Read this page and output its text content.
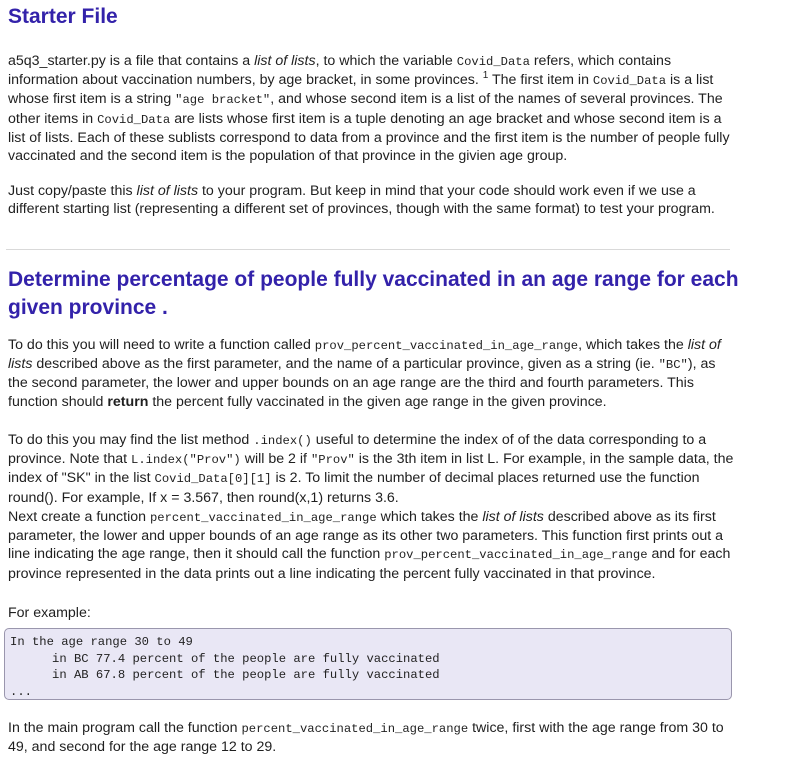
Starter File

a5q3_starter.py is a file that contains a list of lists, to which the variable Covid_Data refers, which contains information about vaccination numbers, by age bracket, in some provinces. $^1$ The first item in Covid_Data is a list whose first item is a string "age bracket", and whose second item is a list of the names of several provinces. The other items in Covid_Data are lists whose first item is a tuple denoting an age bracket and whose second item is a list of lists. Each of these sublists correspond to data from a province and the first item is the number of people fully vaccinated and the second item is the population of that province in the givien age group.

Just copy/paste this list of lists to your program. But keep in mind that your code should work even if we use a different starting list (representing a different set of provinces, though with the same format) to test your program.

Determine percentage of people fully vaccinated in an age range for each given province .

To do this you will need to write a function called prov_percent_vaccinated_in_age_range, which takes the list of lists described above as the first parameter, and the name of a particular province, given as a string (ie. "BC"), as the second parameter, the lower and upper bounds on an age range are the third and fourth parameters. This function should return the percent fully vaccinated in the given age range in the given province.

To do this you may find the list method .index() useful to determine the index of of the data corresponding to a province. Note that L.index("Prov") will be 2 if "Prov" is the 3th item in list L. For example, in the sample data, the index of "SK" in the list Covid_Data[0][1] is 2. To limit the number of decimal places returned use the function round(). For example, If x = 3.567, then round(x,1) returns 3.6.

Next create a function percent_vaccinated_in_age_range which takes the list of lists described above as its first parameter, the lower and upper bounds of an age range as its other two parameters. This function first prints out a line indicating the age range, then it should call the function prov_percent_vaccinated_in_age_range and for each province represented in the data prints out a line indicating the percent fully vaccinated in that province.

For example:

In the age range 30 to 49
in BC 77.4 percent of the people are fully vaccinated
in AB 67.8 percent of the people are fully vaccinated
...

In the main program call the function percent_vaccinated_in_age_range twice, first with the age range from 30 to 49, and second for the age range 12 to 29.
